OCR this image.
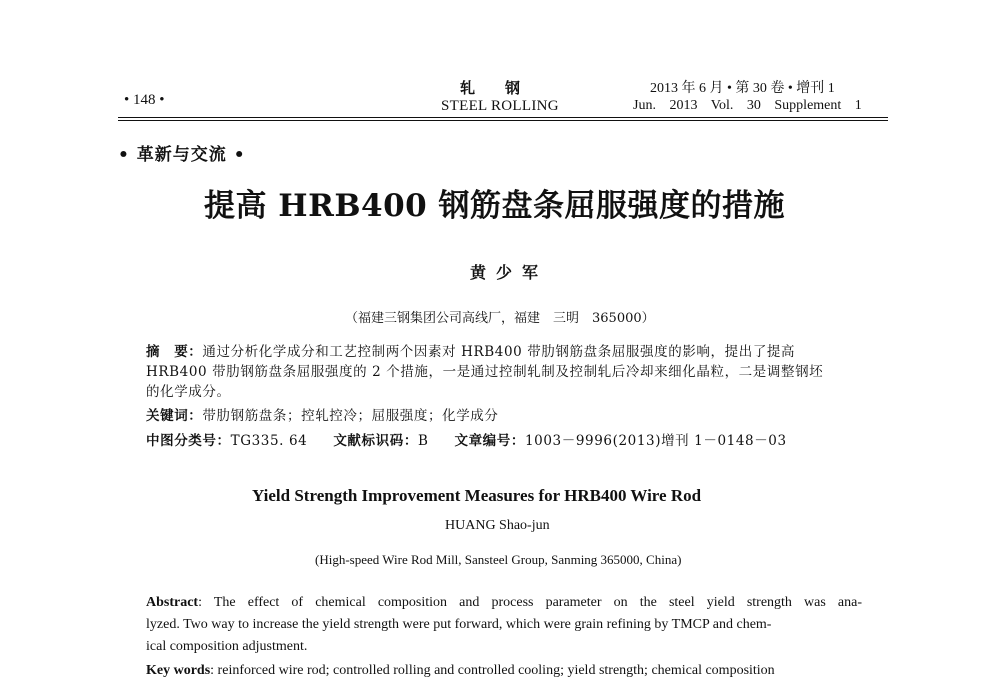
• 148 •
轧钢
STEEL ROLLING
2013 年 6 月 • 第 30 卷 • 增刊 1
Jun. 2013 Vol. 30 Supplement 1
• 革新与交流 •
提高 HRB400 钢筋盘条屈服强度的措施
黄少军
（福建三钢集团公司高线厂，福建　三明　365000）
摘　要：通过分析化学成分和工艺控制两个因素对 HRB400 带肋钢筋盘条屈服强度的影响，提出了提高
HRB400 带肋钢筋盘条屈服强度的 2 个措施，一是通过控制轧制及控制轧后冷却来细化晶粒，二是调整钢坯
的化学成分。
关键词：带肋钢筋盘条；控轧控冷；屈服强度；化学成分
中图分类号：TG335. 64 文献标识码：B 文章编号：1003－9996(2013)增刊 1－0148－03
Yield Strength Improvement Measures for HRB400 Wire Rod
HUANG Shao-jun
(High-speed Wire Rod Mill, Sansteel Group, Sanming 365000, China)
Abstract: The effect of chemical composition and process parameter on the steel yield strength was ana-
lyzed. Two way to increase the yield strength were put forward, which were grain refining by TMCP and chem-
ical composition adjustment.
Key words: reinforced wire rod; controlled rolling and controlled cooling; yield strength; chemical composition
